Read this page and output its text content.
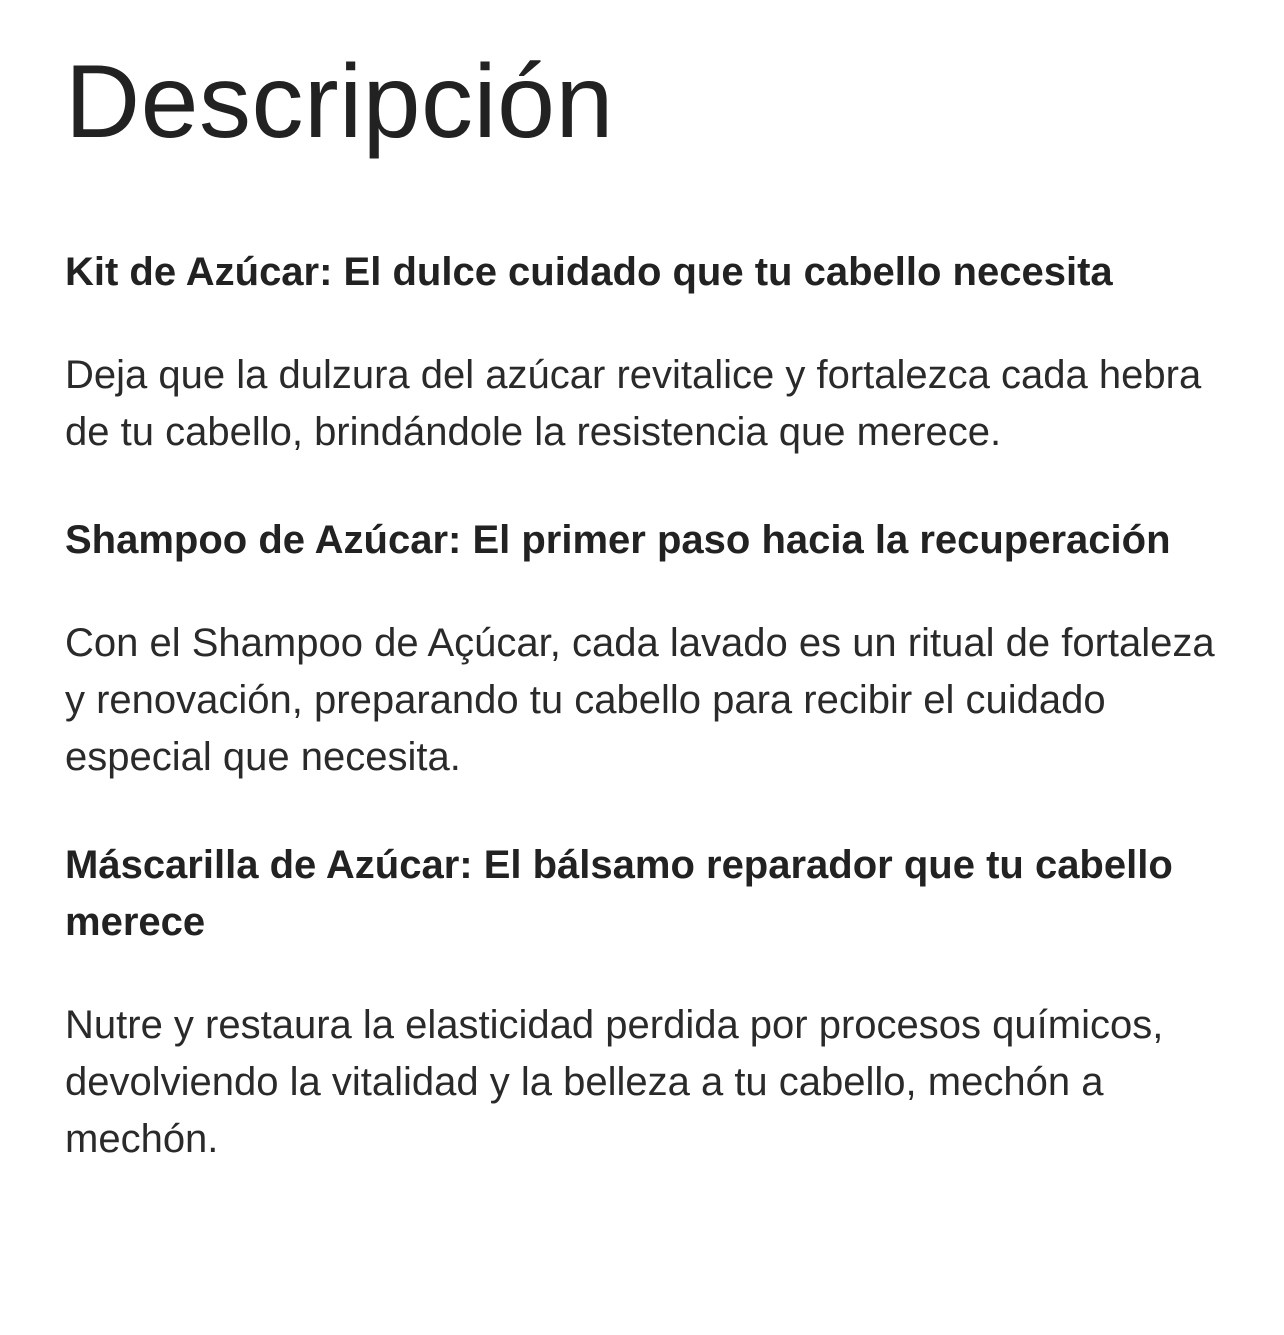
Descripción
Kit de Azúcar: El dulce cuidado que tu cabello necesita

Deja que la dulzura del azúcar revitalice y fortalezca cada hebra de tu cabello, brindándole la resistencia que merece.

Shampoo de Azúcar: El primer paso hacia la recuperación

Con el Shampoo de Açúcar, cada lavado es un ritual de fortaleza y renovación, preparando tu cabello para recibir el cuidado especial que necesita.

Máscarilla de Azúcar: El bálsamo reparador que tu cabello merece

Nutre y restaura la elasticidad perdida por procesos químicos, devolviendo la vitalidad y la belleza a tu cabello, mechón a mechón.
